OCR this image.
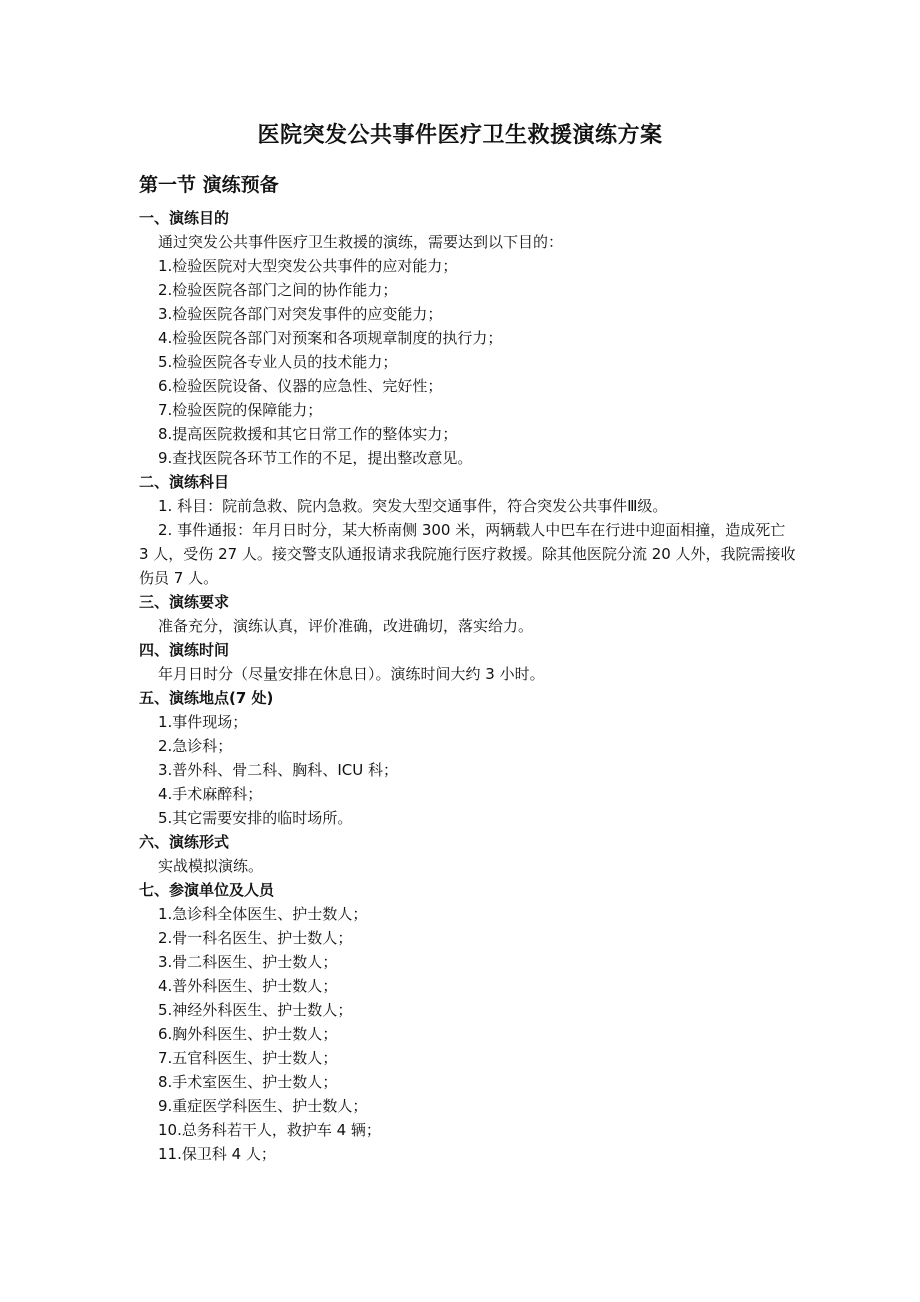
医院突发公共事件医疗卫生救援演练方案
第一节 演练预备
一、演练目的
通过突发公共事件医疗卫生救援的演练，需要达到以下目的：
1.检验医院对大型突发公共事件的应对能力；
2.检验医院各部门之间的协作能力；
3.检验医院各部门对突发事件的应变能力；
4.检验医院各部门对预案和各项规章制度的执行力；
5.检验医院各专业人员的技术能力；
6.检验医院设备、仪器的应急性、完好性；
7.检验医院的保障能力；
8.提高医院救援和其它日常工作的整体实力；
9.查找医院各环节工作的不足，提出整改意见。
二、演练科目
1. 科目：院前急救、院内急救。突发大型交通事件，符合突发公共事件Ⅲ级。
2. 事件通报：年月日时分，某大桥南侧 300 米，两辆载人中巴车在行进中迎面相撞，造成死亡 3 人，受伤 27 人。接交警支队通报请求我院施行医疗救援。除其他医院分流 20 人外，我院需接收伤员 7 人。
三、演练要求
准备充分，演练认真，评价准确，改进确切，落实给力。
四、演练时间
年月日时分（尽量安排在休息日）。演练时间大约 3 小时。
五、演练地点(7 处)
1.事件现场；
2.急诊科；
3.普外科、骨二科、胸科、ICU 科；
4.手术麻醉科；
5.其它需要安排的临时场所。
六、演练形式
实战模拟演练。
七、参演单位及人员
1.急诊科全体医生、护士数人；
2.骨一科名医生、护士数人；
3.骨二科医生、护士数人；
4.普外科医生、护士数人；
5.神经外科医生、护士数人；
6.胸外科医生、护士数人；
7.五官科医生、护士数人；
8.手术室医生、护士数人；
9.重症医学科医生、护士数人；
10.总务科若干人，救护车 4 辆；
11.保卫科 4 人；
